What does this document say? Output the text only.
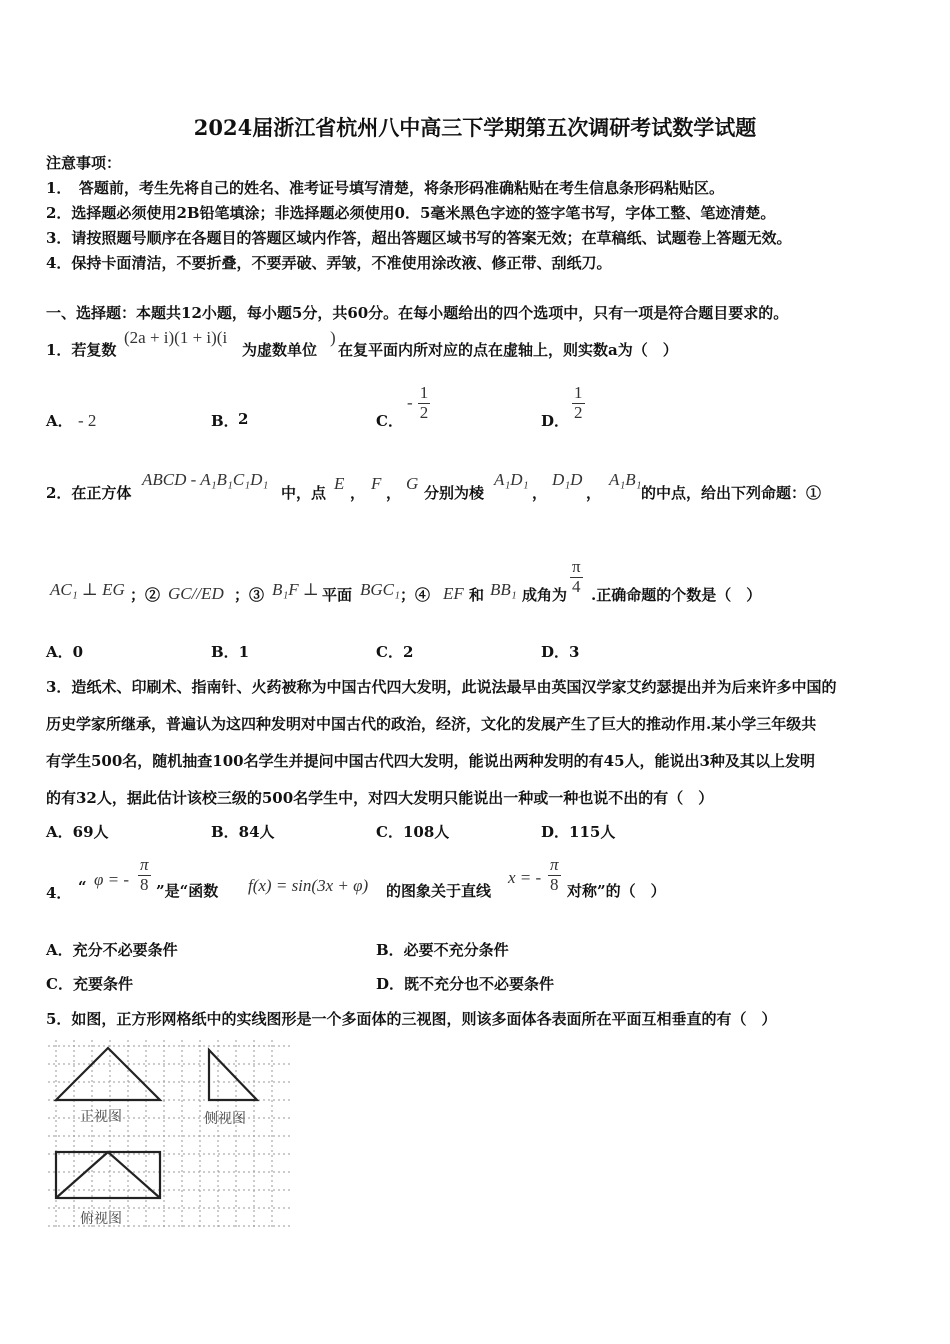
2024届浙江省杭州八中高三下学期第五次调研考试数学试题
注意事项：
1．　答题前，考生先将自己的姓名、准考证号填写清楚，将条形码准确粘贴在考生信息条形码粘贴区。
2．选择题必须使用2B铅笔填涂；非选择题必须使用0．5毫米黑色字迹的签字笔书写，字体工整、笔迹清楚。
3．请按照题号顺序在各题目的答题区域内作答，超出答题区域书写的答案无效；在草稿纸、试题卷上答题无效。
4．保持卡面清洁，不要折叠，不要弄破、弄皱，不准使用涂改液、修正带、刮纸刀。
一、选择题：本题共12小题，每小题5分，共60分。在每小题给出的四个选项中，只有一项是符合题目要求的。
1．若复数
(2a + i)(1 + i)(i
为虚数单位
)
在复平面内所对应的点在虚轴上，则实数a为（　）
A． - 2	B． 2	C．
- $\frac{1}{2}$	D． $\frac{1}{2}$
2．在正方体
ABCD - A₁B₁C₁D₁
中，点 E ， F ， G 分别为棱
A₁D₁
，
D₁D
，
A₁B₁
的中点，给出下列命题：①
AC₁ ⊥ EG ；② GC//ED ；③ B₁F ⊥ 平面 BGC₁ ；④ EF 和 BB₁ 成角为 $\frac{\pi}{4}$ .正确命题的个数是（　）
A．0	B．1	C．2	D．3
3．造纸术、印刷术、指南针、火药被称为中国古代四大发明，此说法最早由英国汉学家艾约瑟提出并为后来许多中国的
历史学家所继承，普遍认为这四种发明对中国古代的政治，经济，文化的发展产生了巨大的推动作用.某小学三年级共
有学生500名，随机抽查100名学生并提问中国古代四大发明，能说出两种发明的有45人，能说出3种及其以上发明
的有32人，据此估计该校三级的500名学生中，对四大发明只能说出一种或一种也说不出的有（　）
A．69人	B．84人	C．108人	D．115人
4． “ φ = - $\frac{\pi}{8}$ ”是“函数 f(x) = sin(3x + φ) 的图象关于直线
x = - $\frac{\pi}{8}$ 对称”的（　）
A．充分不必要条件	B．必要不充分条件
C．充要条件	D．既不充分也不必要条件
5．如图，正方形网格纸中的实线图形是一个多面体的三视图，则该多面体各表面所在平面互相垂直的有（　）
正视图	侧视图
俯视图
